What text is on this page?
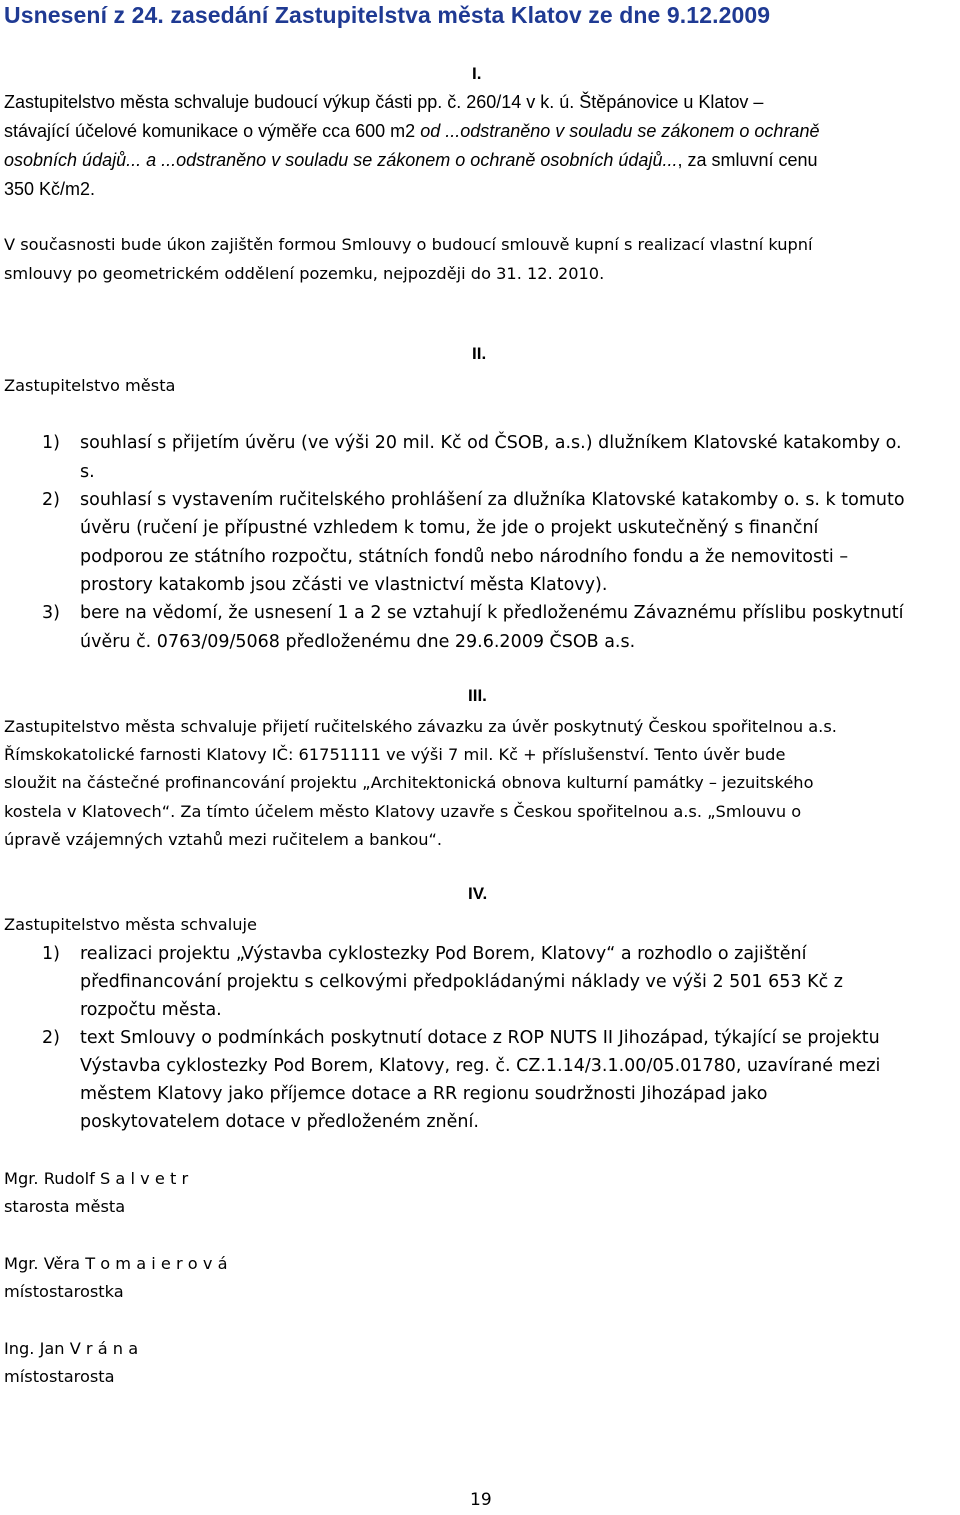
Usnesení z 24. zasedání Zastupitelstva města Klatov ze dne 9.12.2009
I.
Zastupitelstvo města schvaluje budoucí výkup části pp. č. 260/14 v k. ú. Štěpánovice u Klatov –
stávající účelové komunikace o výměře cca 600 m2 od ...odstraněno v souladu se zákonem o ochraně
osobních údajů... a ...odstraněno v souladu se zákonem o ochraně osobních údajů..., za smluvní cenu
350 Kč/m2.
V současnosti bude úkon zajištěn formou Smlouvy o budoucí smlouvě kupní s realizací vlastní kupní
smlouvy po geometrickém oddělení pozemku, nejpozději do 31. 12. 2010.
II.
Zastupitelstvo města
1) souhlasí s přijetím úvěru (ve výši 20 mil. Kč od ČSOB, a.s.) dlužníkem Klatovské katakomby o.
s.
2) souhlasí s vystavením ručitelského prohlášení za dlužníka Klatovské katakomby o. s. k tomuto
úvěru (ručení je přípustné vzhledem k tomu, že jde o projekt uskutečněný s finanční
podporou ze státního rozpočtu, státních fondů nebo národního fondu a že nemovitosti –
prostory katakomb jsou zčásti ve vlastnictví města Klatovy).
3) bere na vědomí, že usnesení 1 a 2 se vztahují k předloženému Závaznému příslibu poskytnutí
úvěru č. 0763/09/5068 předloženému dne 29.6.2009 ČSOB a.s.
III.
Zastupitelstvo města schvaluje přijetí ručitelského závazku za úvěr poskytnutý Českou spořitelnou a.s.
Římskokatolické farnosti Klatovy IČ: 61751111 ve výši 7 mil. Kč + příslušenství. Tento úvěr bude
sloužit na částečné profinancování projektu „Architektonická obnova kulturní památky – jezuitského
kostela v Klatovech“. Za tímto účelem město Klatovy uzavře s Českou spořitelnou a.s. „Smlouvu o
úpravě vzájemných vztahů mezi ručitelem a bankou“.
IV.
Zastupitelstvo města schvaluje
1) realizaci projektu „Výstavba cyklostezky Pod Borem, Klatovy“ a rozhodlo o zajištění
předfinancování projektu s celkovými předpokládanými náklady ve výši 2 501 653 Kč z
rozpočtu města.
2) text Smlouvy o podmínkách poskytnutí dotace z ROP NUTS II Jihozápad, týkající se projektu
Výstavba cyklostezky Pod Borem, Klatovy, reg. č. CZ.1.14/3.1.00/05.01780, uzavírané mezi
městem Klatovy jako příjemce dotace a RR regionu soudržnosti Jihozápad jako
poskytovatelem dotace v předloženém znění.
Mgr. Rudolf S a l v e t r
starosta města
Mgr. Věra T o m a i e r o v á
místostarostka
Ing. Jan V r á n a
místostarosta
19
